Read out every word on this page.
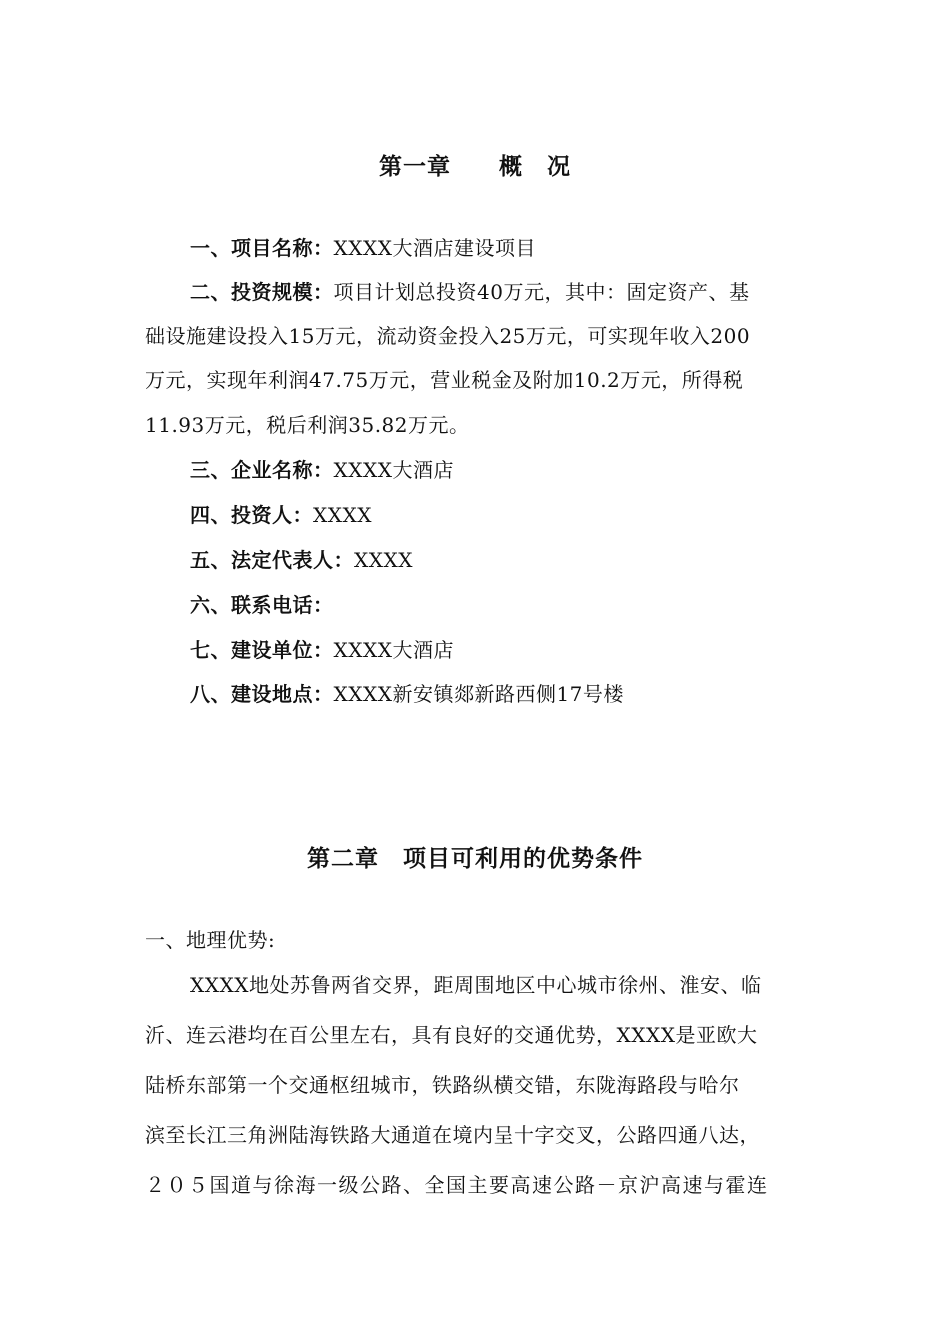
第一章　　概　况
一、项目名称：XXXX大酒店建设项目
二、投资规模：项目计划总投资40万元，其中：固定资产、基
础设施建设投入15万元，流动资金投入25万元，可实现年收入200
万元，实现年利润47.75万元，营业税金及附加10.2万元，所得税
11.93万元，税后利润35.82万元。
三、企业名称：XXXX大酒店
四、投资人：XXXX
五、法定代表人：XXXX
六、联系电话：
七、建设单位：XXXX大酒店
八、建设地点：XXXX新安镇郯新路西侧17号楼
第二章　项目可利用的优势条件
一、地理优势:
XXXX地处苏鲁两省交界，距周围地区中心城市徐州、淮安、临
沂、连云港均在百公里左右，具有良好的交通优势，XXXX是亚欧大
陆桥东部第一个交通枢纽城市，铁路纵横交错，东陇海路段与哈尔
滨至长江三角洲陆海铁路大通道在境内呈十字交叉，公路四通八达，
２０５国道与徐海一级公路、全国主要高速公路－京沪高速与霍连
